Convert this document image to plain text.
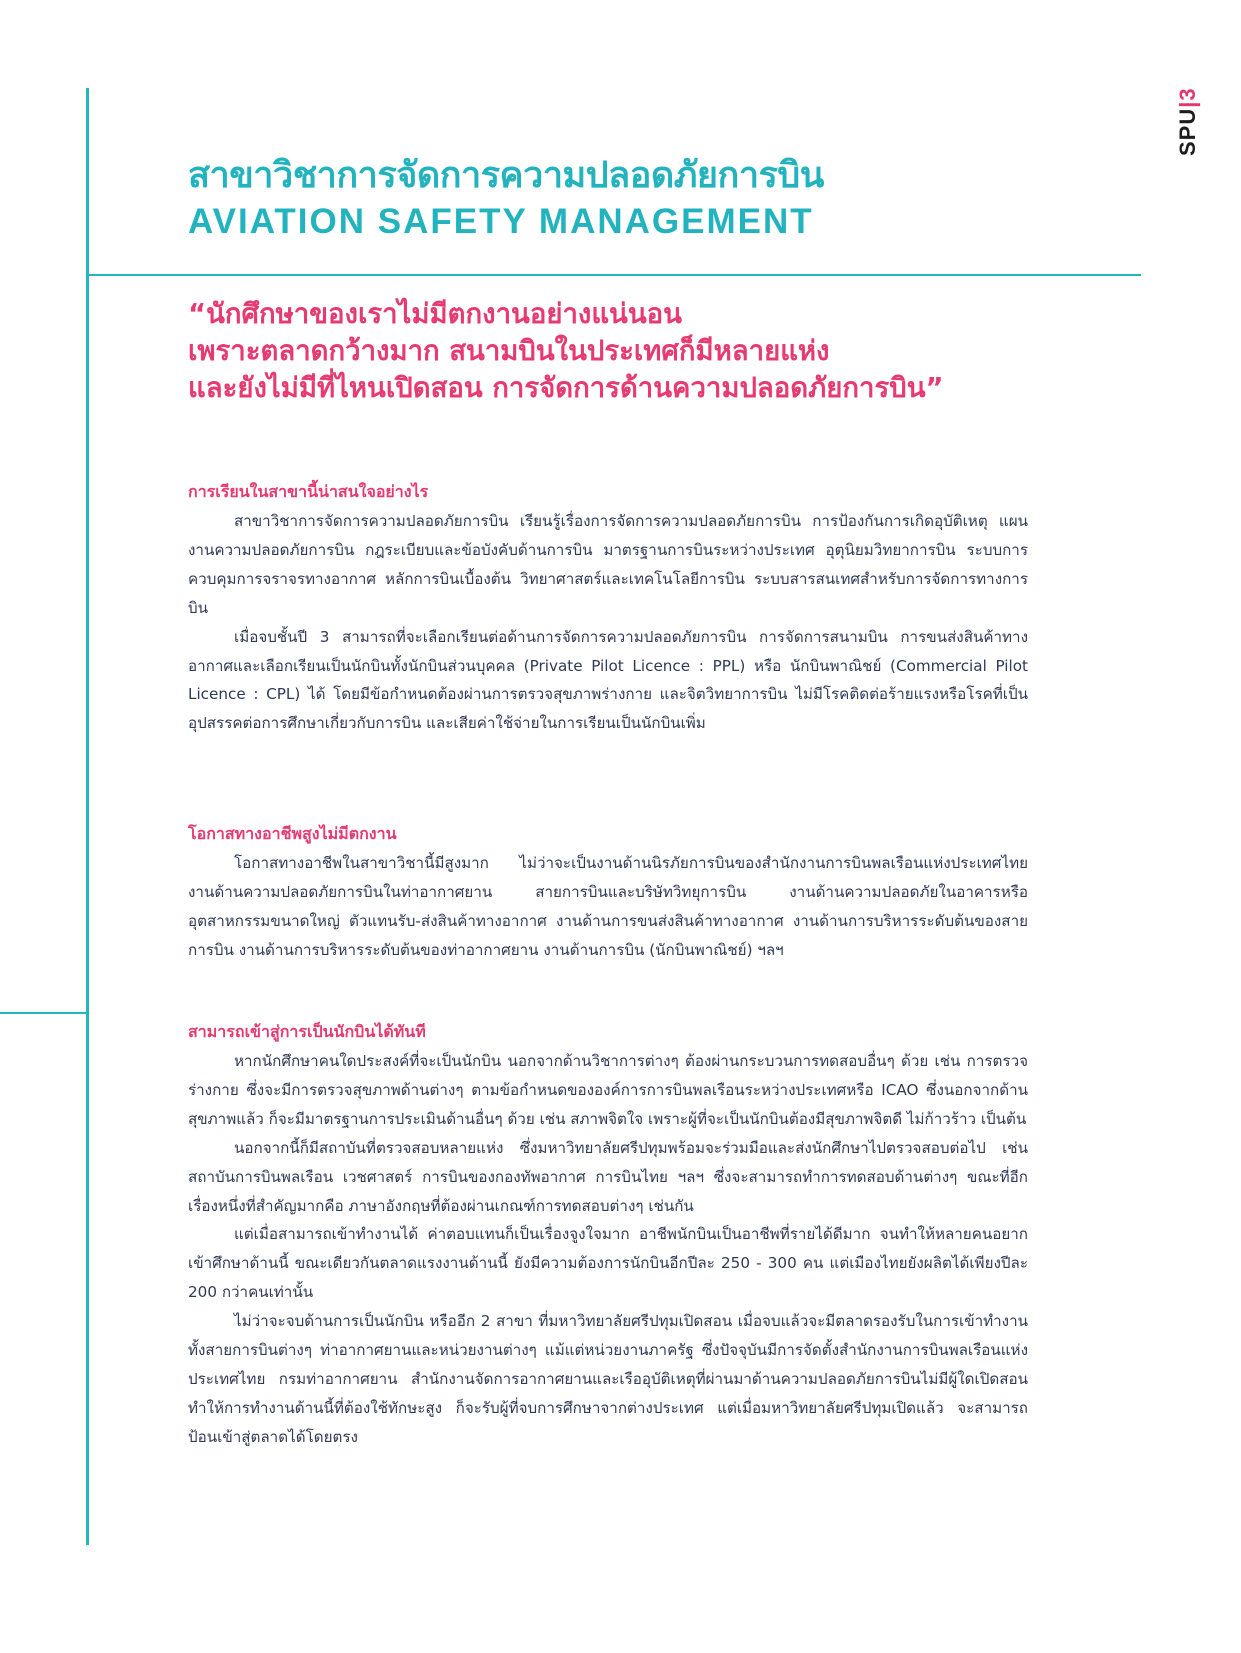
SPU|3
สาขาวิชาการจัดการความปลอดภัยการบิน
AVIATION SAFETY MANAGEMENT
“นักศึกษาของเราไม่มีตกงานอย่างแน่นอน
เพราะตลาดกว้างมาก สนามบินในประเทศก็มีหลายแห่ง
และยังไม่มีที่ไหนเปิดสอน การจัดการด้านความปลอดภัยการบิน”
การเรียนในสาขานี้น่าสนใจอย่างไร

สาขาวิชาการจัดการความปลอดภัยการบิน เรียนรู้เรื่องการจัดการความปลอดภัยการบิน การป้องกันการเกิดอุบัติเหตุ แผนงานความปลอดภัยการบิน กฎระเบียบและข้อบังคับด้านการบิน มาตรฐานการบินระหว่างประเทศ อุตุนิยมวิทยาการบิน ระบบการควบคุมการจราจรทางอากาศ หลักการบินเบื้องต้น วิทยาศาสตร์และเทคโนโลยีการบิน ระบบสารสนเทศสำหรับการจัดการทางการบิน

เมื่อจบชั้นปี 3 สามารถที่จะเลือกเรียนต่อด้านการจัดการความปลอดภัยการบิน การจัดการสนามบิน การขนส่งสินค้าทางอากาศและเลือกเรียนเป็นนักบินทั้งนักบินส่วนบุคคล (Private Pilot Licence : PPL) หรือ นักบินพาณิชย์ (Commercial Pilot Licence : CPL) ได้ โดยมีข้อกำหนดต้องผ่านการตรวจสุขภาพร่างกาย และจิตวิทยาการบิน ไม่มีโรคติดต่อร้ายแรงหรือโรคที่เป็นอุปสรรคต่อการศึกษาเกี่ยวกับการบิน และเสียค่าใช้จ่ายในการเรียนเป็นนักบินเพิ่ม

โอกาสทางอาชีพสูงไม่มีตกงาน

โอกาสทางอาชีพในสาขาวิชานี้มีสูงมาก ไม่ว่าจะเป็นงานด้านนิรภัยการบินของสำนักงานการบินพลเรือนแห่งประเทศไทย งานด้านความปลอดภัยการบินในท่าอากาศยาน สายการบินและบริษัทวิทยุการบิน งานด้านความปลอดภัยในอาคารหรืออุตสาหกรรมขนาดใหญ่ ตัวแทนรับ-ส่งสินค้าทางอากาศ งานด้านการขนส่งสินค้าทางอากาศ งานด้านการบริหารระดับต้นของสายการบิน งานด้านการบริหารระดับต้นของท่าอากาศยาน งานด้านการบิน (นักบินพาณิชย์) ฯลฯ

สามารถเข้าสู่การเป็นนักบินได้ทันที

หากนักศึกษาคนใดประสงค์ที่จะเป็นนักบิน นอกจากด้านวิชาการต่างๆ ต้องผ่านกระบวนการทดสอบอื่นๆ ด้วย เช่น การตรวจร่างกาย ซึ่งจะมีการตรวจสุขภาพด้านต่างๆ ตามข้อกำหนดขององค์การการบินพลเรือนระหว่างประเทศหรือ ICAO ซึ่งนอกจากด้านสุขภาพแล้ว ก็จะมีมาตรฐานการประเมินด้านอื่นๆ ด้วย เช่น สภาพจิตใจ เพราะผู้ที่จะเป็นนักบินต้องมีสุขภาพจิตดี ไม่ก้าวร้าว เป็นต้น

นอกจากนี้ก็มีสถาบันที่ตรวจสอบหลายแห่ง ซึ่งมหาวิทยาลัยศรีปทุมพร้อมจะร่วมมือและส่งนักศึกษาไปตรวจสอบต่อไป เช่น สถาบันการบินพลเรือน เวชศาสตร์ การบินของกองทัพอากาศ การบินไทย ฯลฯ ซึ่งจะสามารถทำการทดสอบด้านต่างๆ ขณะที่อีกเรื่องหนึ่งที่สำคัญมากคือ ภาษาอังกฤษที่ต้องผ่านเกณฑ์การทดสอบต่างๆ เช่นกัน

แต่เมื่อสามารถเข้าทำงานได้ ค่าตอบแทนก็เป็นเรื่องจูงใจมาก อาชีพนักบินเป็นอาชีพที่รายได้ดีมาก จนทำให้หลายคนอยากเข้าศึกษาด้านนี้ ขณะเดียวกันตลาดแรงงานด้านนี้ ยังมีความต้องการนักบินอีกปีละ 250 - 300 คน แต่เมืองไทยยังผลิตได้เพียงปีละ 200 กว่าคนเท่านั้น

ไม่ว่าจะจบด้านการเป็นนักบิน หรืออีก 2 สาขา ที่มหาวิทยาลัยศรีปทุมเปิดสอน เมื่อจบแล้วจะมีตลาดรองรับในการเข้าทำงาน ทั้งสายการบินต่างๆ ท่าอากาศยานและหน่วยงานต่างๆ แม้แต่หน่วยงานภาครัฐ ซึ่งปัจจุบันมีการจัดตั้งสำนักงานการบินพลเรือนแห่งประเทศไทย กรมท่าอากาศยาน สำนักงานจัดการอากาศยานและเรืออุบัติเหตุที่ผ่านมาด้านความปลอดภัยการบินไม่มีผู้ใดเปิดสอน ทำให้การทำงานด้านนี้ที่ต้องใช้ทักษะสูง ก็จะรับผู้ที่จบการศึกษาจากต่างประเทศ แต่เมื่อมหาวิทยาลัยศรีปทุมเปิดแล้ว จะสามารถป้อนเข้าสู่ตลาดได้โดยตรง
